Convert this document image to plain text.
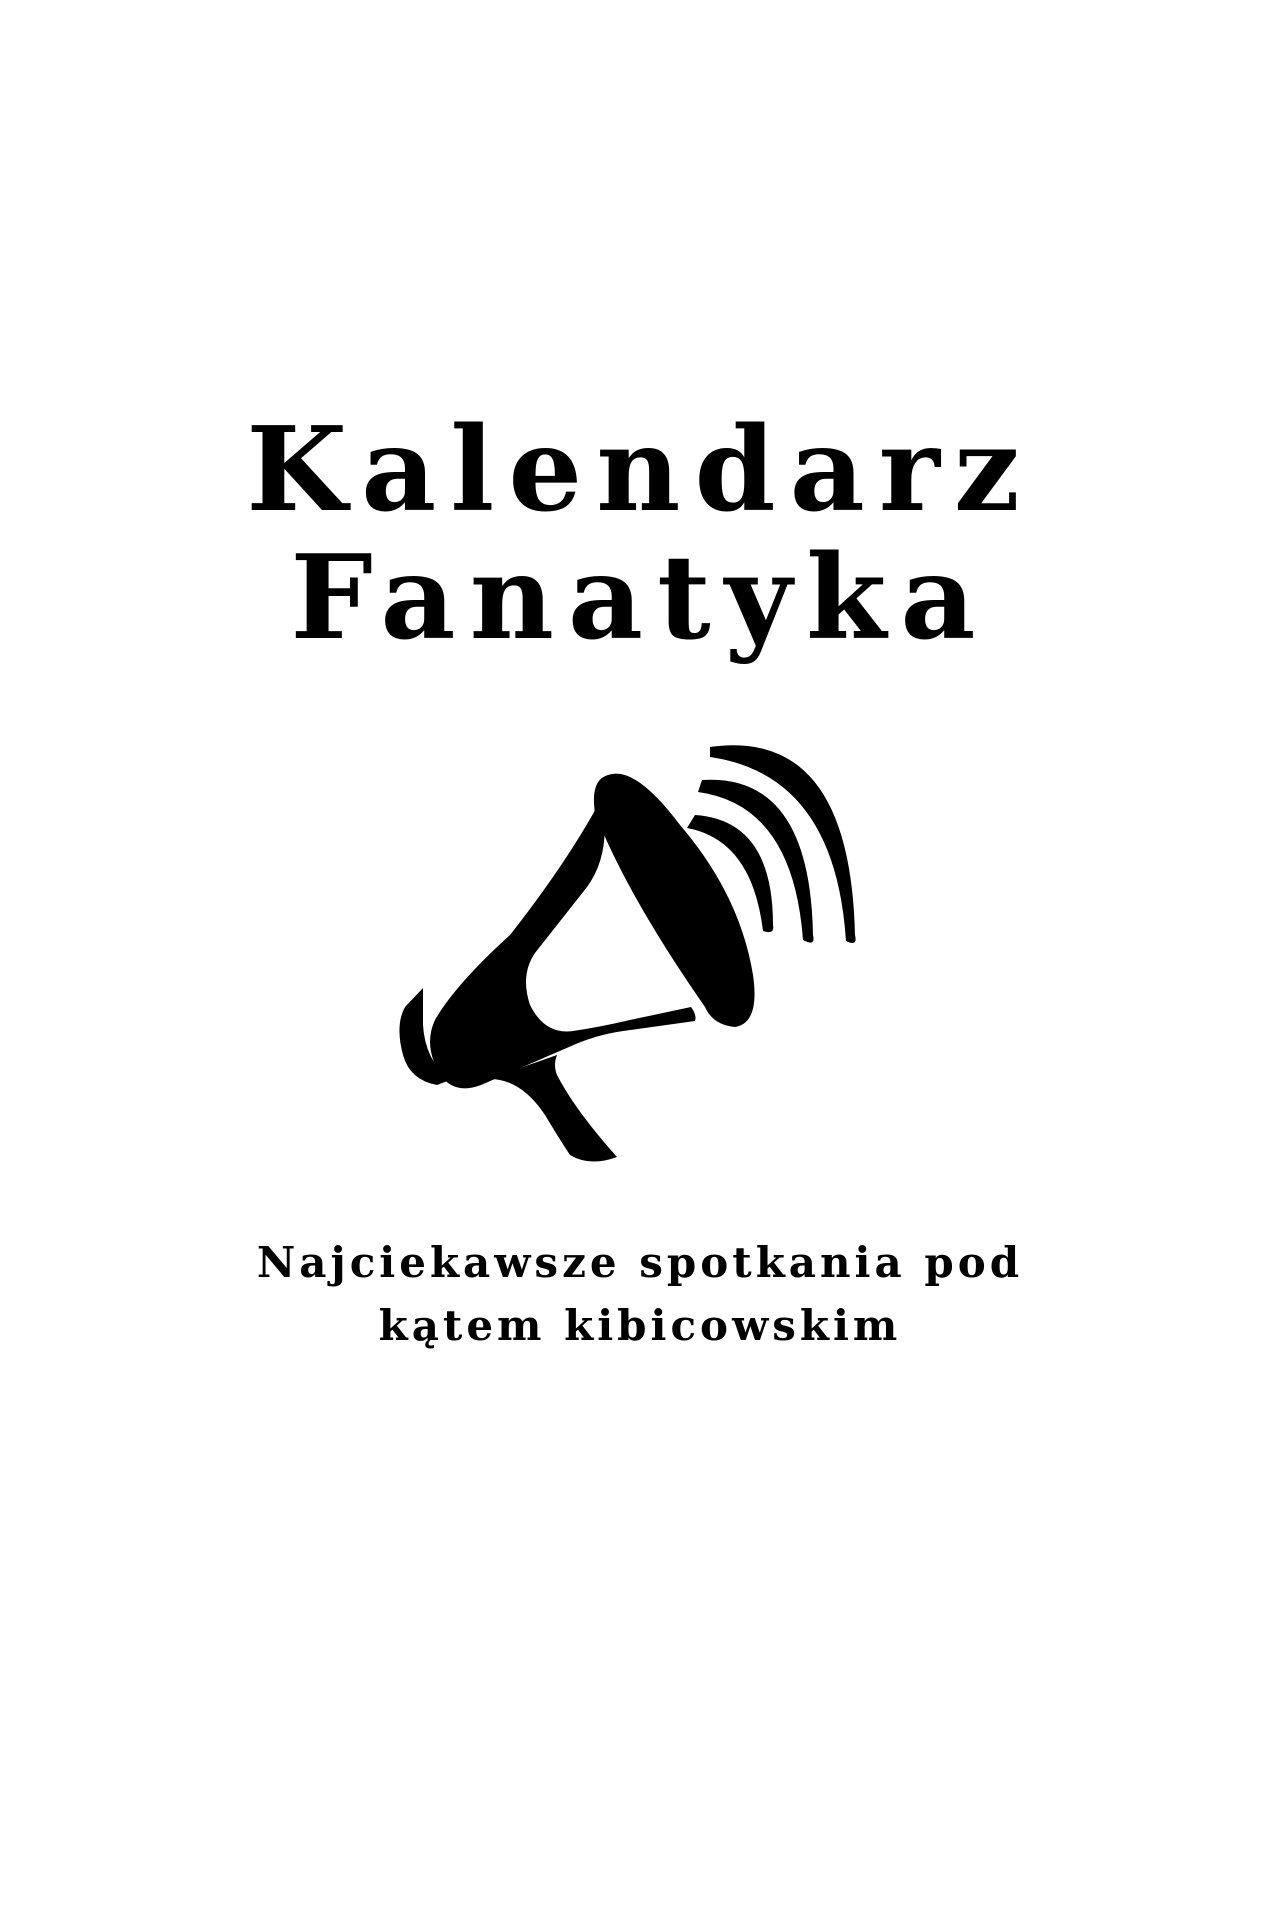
Kalendarz
Fanatyka

Najciekawsze spotkania pod

kątem kibicowskim
